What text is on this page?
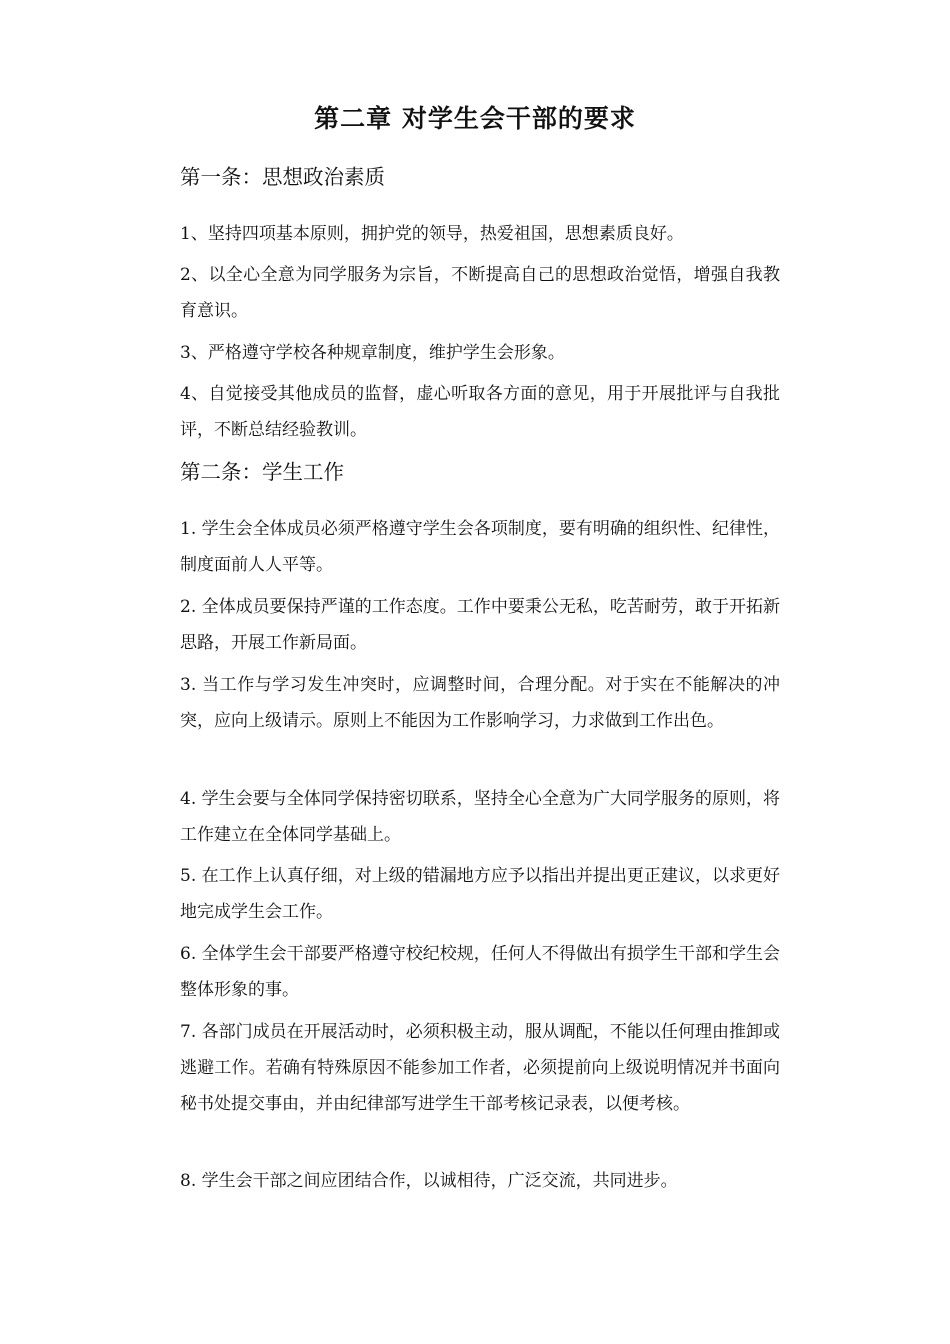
第二章 对学生会干部的要求
第一条：思想政治素质
1、坚持四项基本原则，拥护党的领导，热爱祖国，思想素质良好。
2、以全心全意为同学服务为宗旨，不断提高自己的思想政治觉悟，增强自我教育意识。
3、严格遵守学校各种规章制度，维护学生会形象。
4、自觉接受其他成员的监督，虚心听取各方面的意见，用于开展批评与自我批评，不断总结经验教训。
第二条：学生工作
1. 学生会全体成员必须严格遵守学生会各项制度，要有明确的组织性、纪律性，制度面前人人平等。
2. 全体成员要保持严谨的工作态度。工作中要秉公无私，吃苦耐劳，敢于开拓新思路，开展工作新局面。
3. 当工作与学习发生冲突时，应调整时间，合理分配。对于实在不能解决的冲突，应向上级请示。原则上不能因为工作影响学习，力求做到工作出色。
4. 学生会要与全体同学保持密切联系，坚持全心全意为广大同学服务的原则，将工作建立在全体同学基础上。
5. 在工作上认真仔细，对上级的错漏地方应予以指出并提出更正建议，以求更好地完成学生会工作。
6. 全体学生会干部要严格遵守校纪校规，任何人不得做出有损学生干部和学生会整体形象的事。
7. 各部门成员在开展活动时，必须积极主动，服从调配，不能以任何理由推卸或逃避工作。若确有特殊原因不能参加工作者，必须提前向上级说明情况并书面向秘书处提交事由，并由纪律部写进学生干部考核记录表，以便考核。
8. 学生会干部之间应团结合作，以诚相待，广泛交流，共同进步。
